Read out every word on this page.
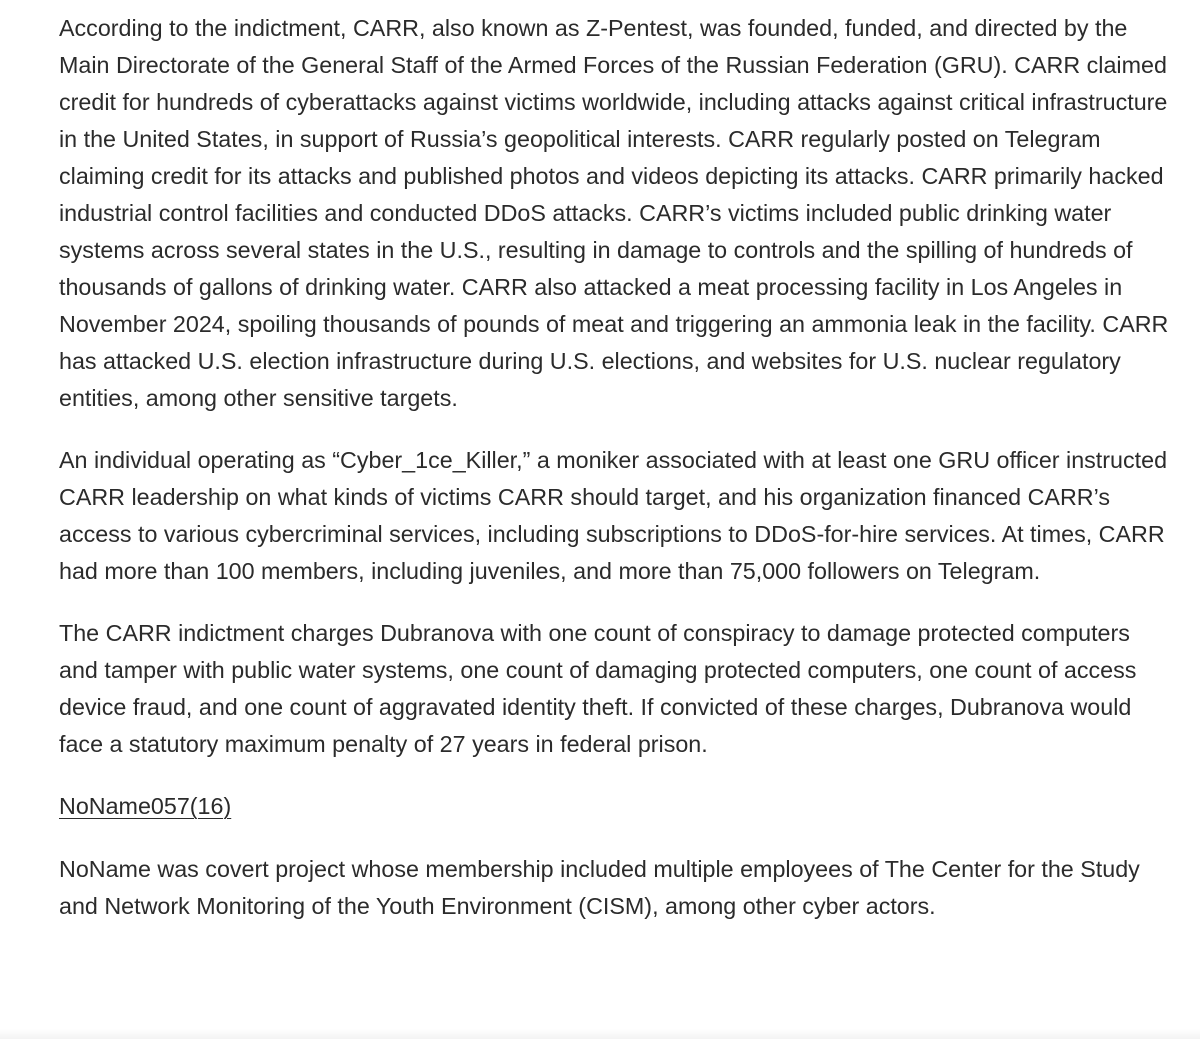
According to the indictment, CARR, also known as Z-Pentest, was founded, funded, and directed by the Main Directorate of the General Staff of the Armed Forces of the Russian Federation (GRU). CARR claimed credit for hundreds of cyberattacks against victims worldwide, including attacks against critical infrastructure in the United States, in support of Russia’s geopolitical interests. CARR regularly posted on Telegram claiming credit for its attacks and published photos and videos depicting its attacks. CARR primarily hacked industrial control facilities and conducted DDoS attacks. CARR’s victims included public drinking water systems across several states in the U.S., resulting in damage to controls and the spilling of hundreds of thousands of gallons of drinking water. CARR also attacked a meat processing facility in Los Angeles in November 2024, spoiling thousands of pounds of meat and triggering an ammonia leak in the facility. CARR has attacked U.S. election infrastructure during U.S. elections, and websites for U.S. nuclear regulatory entities, among other sensitive targets.

An individual operating as “Cyber_1ce_Killer,” a moniker associated with at least one GRU officer instructed CARR leadership on what kinds of victims CARR should target, and his organization financed CARR’s access to various cybercriminal services, including subscriptions to DDoS-for-hire services. At times, CARR had more than 100 members, including juveniles, and more than 75,000 followers on Telegram.

The CARR indictment charges Dubranova with one count of conspiracy to damage protected computers and tamper with public water systems, one count of damaging protected computers, one count of access device fraud, and one count of aggravated identity theft. If convicted of these charges, Dubranova would face a statutory maximum penalty of 27 years in federal prison.

NoName057(16)

NoName was covert project whose membership included multiple employees of The Center for the Study and Network Monitoring of the Youth Environment (CISM), among other cyber actors.
